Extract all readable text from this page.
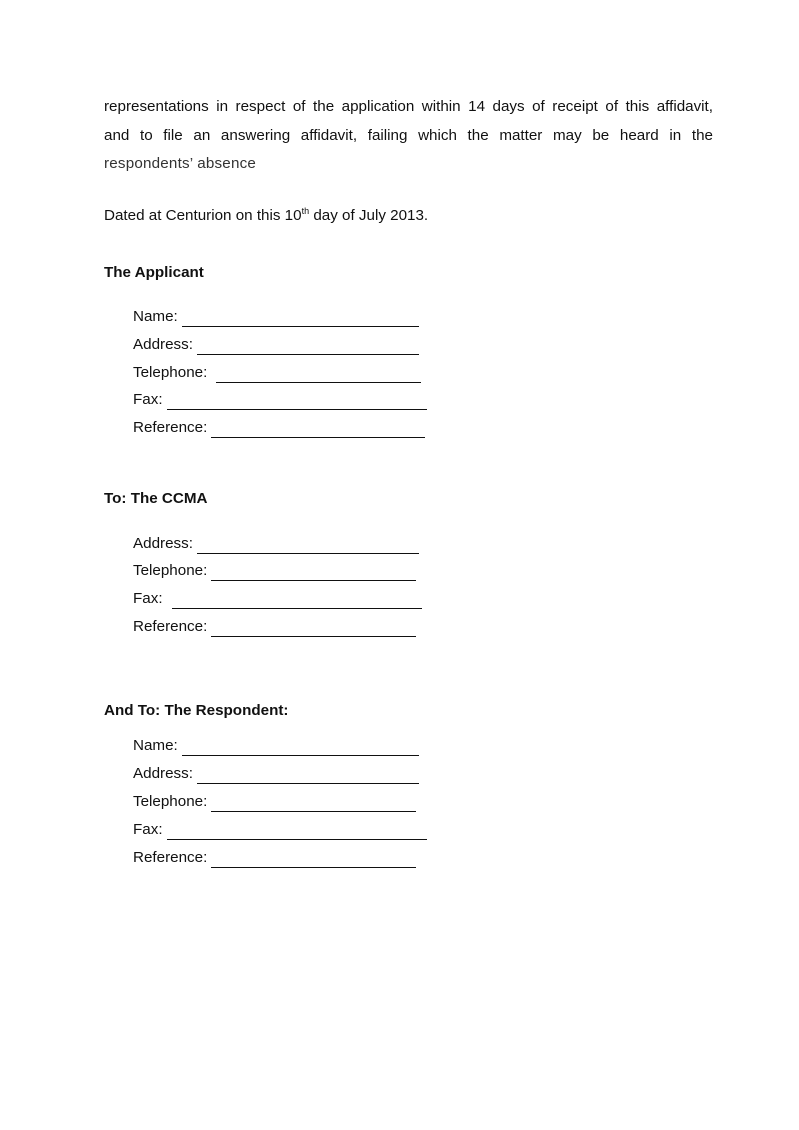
representations in respect of the application within 14 days of receipt of this affidavit,
and to file an answering affidavit, failing which the matter may be heard in the
respondents’ absence
Dated at Centurion on this 10th day of July 2013.
The Applicant
Name:
Address:
Telephone:
Fax:
Reference:
To: The CCMA
Address:
Telephone:
Fax:
Reference:
And To: The Respondent:
Name:
Address:
Telephone:
Fax:
Reference:
